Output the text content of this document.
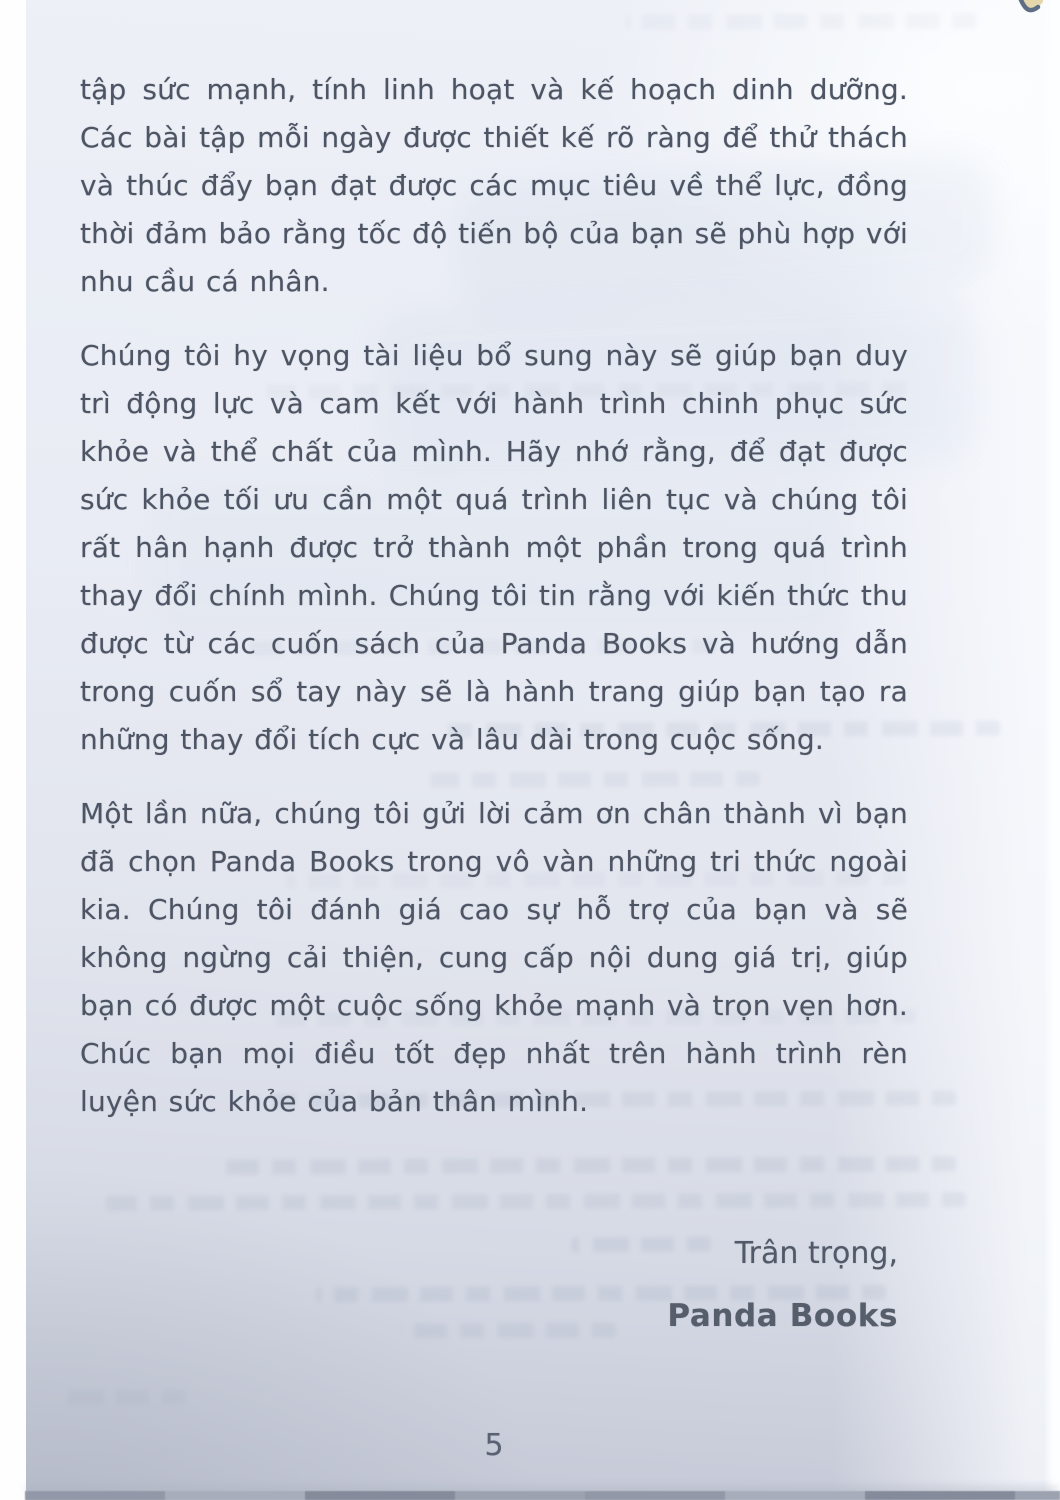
tập sức mạnh, tính linh hoạt và kế hoạch dinh dưỡng. Các bài tập mỗi ngày được thiết kế rõ ràng để thử thách và thúc đẩy bạn đạt được các mục tiêu về thể lực, đồng thời đảm bảo rằng tốc độ tiến bộ của bạn sẽ phù hợp với nhu cầu cá nhân.

Chúng tôi hy vọng tài liệu bổ sung này sẽ giúp bạn duy trì động lực và cam kết với hành trình chinh phục sức khỏe và thể chất của mình. Hãy nhớ rằng, để đạt được sức khỏe tối ưu cần một quá trình liên tục và chúng tôi rất hân hạnh được trở thành một phần trong quá trình thay đổi chính mình. Chúng tôi tin rằng với kiến thức thu được từ các cuốn sách của Panda Books và hướng dẫn trong cuốn sổ tay này sẽ là hành trang giúp bạn tạo ra những thay đổi tích cực và lâu dài trong cuộc sống.

Một lần nữa, chúng tôi gửi lời cảm ơn chân thành vì bạn đã chọn Panda Books trong vô vàn những tri thức ngoài kia. Chúng tôi đánh giá cao sự hỗ trợ của bạn và sẽ không ngừng cải thiện, cung cấp nội dung giá trị, giúp bạn có được một cuộc sống khỏe mạnh và trọn vẹn hơn. Chúc bạn mọi điều tốt đẹp nhất trên hành trình rèn luyện sức khỏe của bản thân mình.

Trân trọng,
Panda Books
5
